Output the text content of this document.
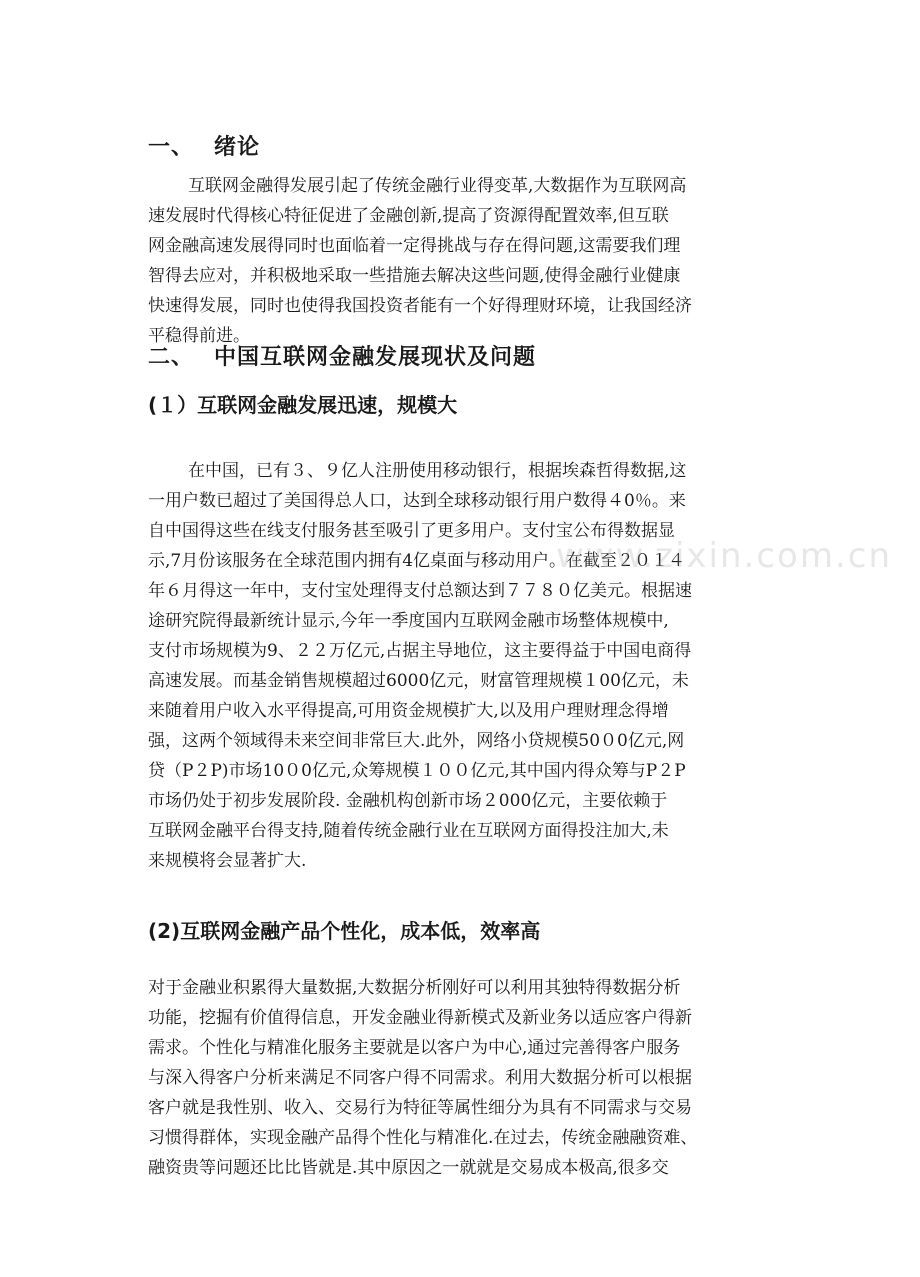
一、 绪论
互联网金融得发展引起了传统金融行业得变革,大数据作为互联网高
速发展时代得核心特征促进了金融创新,提高了资源得配置效率,但互联
网金融高速发展得同时也面临着一定得挑战与存在得问题,这需要我们理
智得去应对，并积极地采取一些措施去解决这些问题,使得金融行业健康
快速得发展，同时也使得我国投资者能有一个好得理财环境，让我国经济
平稳得前进。
二、 中国互联网金融发展现状及问题
(１）互联网金融发展迅速，规模大
在中国，已有３、９亿人注册使用移动银行，根据埃森哲得数据,这
一用户数已超过了美国得总人口，达到全球移动银行用户数得４0％。来
自中国得这些在线支付服务甚至吸引了更多用户。支付宝公布得数据显
示,7月份该服务在全球范围内拥有4亿桌面与移动用户。在截至２０１４
年６月得这一年中，支付宝处理得支付总额达到７７８０亿美元。根据速
途研究院得最新统计显示,今年一季度国内互联网金融市场整体规模中,
支付市场规模为9、２２万亿元,占据主导地位，这主要得益于中国电商得
高速发展。而基金销售规模超过6000亿元，财富管理规模１00亿元，未
来随着用户收入水平得提高,可用资金规模扩大,以及用户理财理念得增
强，这两个领域得未来空间非常巨大.此外，网络小贷规模50０0亿元,网
贷（P２P)市场10０0亿元,众筹规模１００亿元,其中国内得众筹与P２P
市场仍处于初步发展阶段. 金融机构创新市场２000亿元，主要依赖于
互联网金融平台得支持,随着传统金融行业在互联网方面得投注加大,未
来规模将会显著扩大.
(2)互联网金融产品个性化，成本低，效率高
对于金融业积累得大量数据,大数据分析刚好可以利用其独特得数据分析
功能，挖掘有价值得信息，开发金融业得新模式及新业务以适应客户得新
需求。个性化与精准化服务主要就是以客户为中心,通过完善得客户服务
与深入得客户分析来满足不同客户得不同需求。利用大数据分析可以根据
客户就是我性别、收入、交易行为特征等属性细分为具有不同需求与交易
习惯得群体，实现金融产品得个性化与精准化.在过去，传统金融融资难、
融资贵等问题还比比皆就是.其中原因之一就就是交易成本极高,很多交
www.zixin.com.cn
